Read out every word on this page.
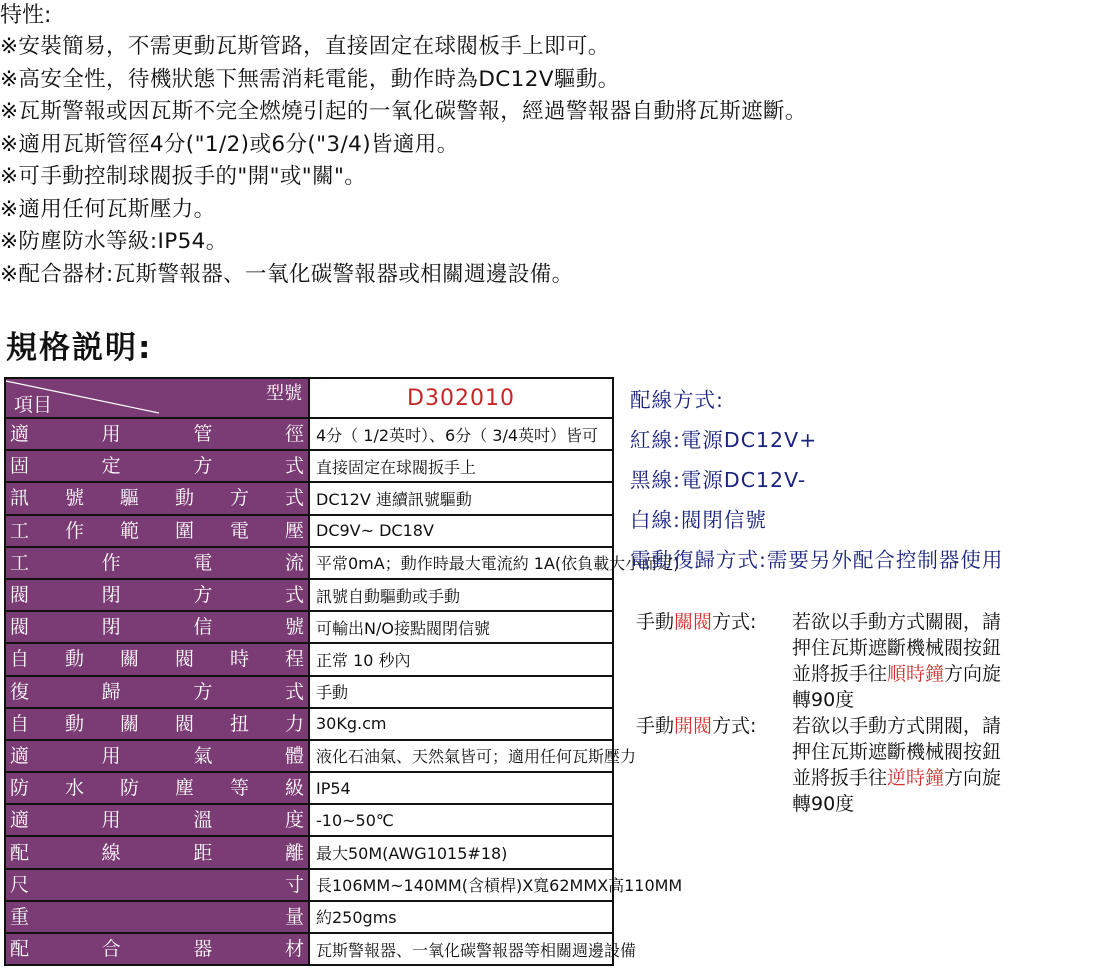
特性:
※安裝簡易，不需更動瓦斯管路，直接固定在球閥板手上即可。
※高安全性，待機狀態下無需消耗電能，動作時為DC12V驅動。
※瓦斯警報或因瓦斯不完全燃燒引起的一氧化碳警報，經過警報器自動將瓦斯遮斷。
※適用瓦斯管徑4分("1/2)或6分("3/4)皆適用。
※可手動控制球閥扳手的"開"或"關"。
※適用任何瓦斯壓力。
※防塵防水等級:IP54。
※配合器材:瓦斯警報器、一氧化碳警報器或相關週邊設備。
規格説明:
型號
項目	D302010
適用管徑	4分（ 1/2英吋）、6分（ 3/4英吋）皆可
固定方式	直接固定在球閥扳手上
訊號驅動方式	DC12V 連續訊號驅動
工作範圍電壓	DC9V~ DC18V
工作電流	平常0mA；動作時最大電流約 1A(依負載大小而定)
閥閉方式	訊號自動驅動或手動
閥閉信號	可輸出N/O接點閥閉信號
自動關閥時程	正常 10 秒內
復歸方式	手動
自動關閥扭力	30Kg.cm
適用氣體	液化石油氣、天然氣皆可；適用任何瓦斯壓力
防水防塵等級	IP54
適用溫度	-10~50℃
配線距離	最大50M(AWG1015#18)
尺寸	長106MM~140MM(含槓桿)X寬62MMX高110MM
重量	約250gms
配合器材	瓦斯警報器、一氧化碳警報器等相關週邊設備
配線方式:
紅線:電源DC12V+
黑線:電源DC12V-
白線:閥閉信號
電動復歸方式:需要另外配合控制器使用
手動關閥方式:	若欲以手動方式關閥，請
押住瓦斯遮斷機械閥按鈕
並將扳手往順時鐘方向旋
轉90度
手動開閥方式:	若欲以手動方式開閥，請
押住瓦斯遮斷機械閥按鈕
並將扳手往逆時鐘方向旋
轉90度
